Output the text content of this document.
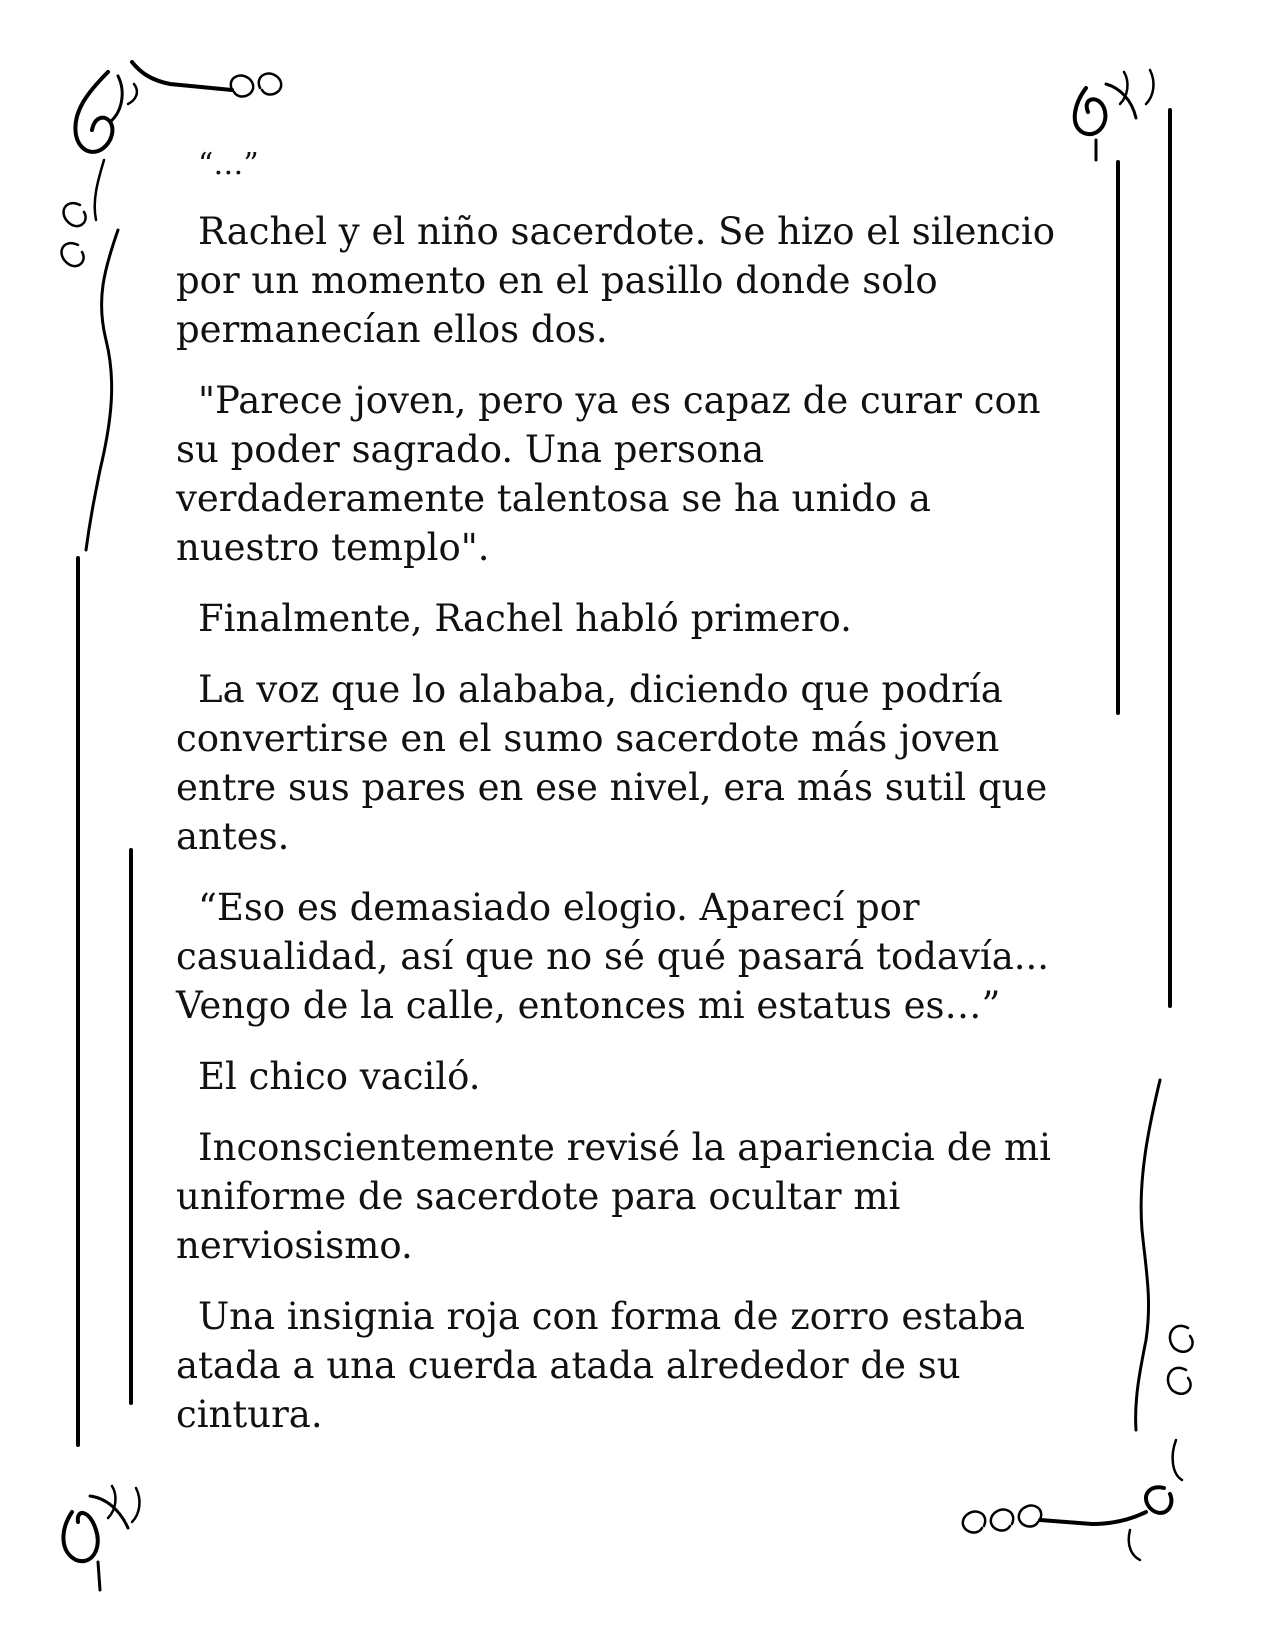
“…”

Rachel y el niño sacerdote. Se hizo el silencio
por un momento en el pasillo donde solo
permanecían ellos dos.

"Parece joven, pero ya es capaz de curar con
su poder sagrado. Una persona
verdaderamente talentosa se ha unido a
nuestro templo".

Finalmente, Rachel habló primero.

La voz que lo alababa, diciendo que podría
convertirse en el sumo sacerdote más joven
entre sus pares en ese nivel, era más sutil que
antes.

“Eso es demasiado elogio. Aparecí por
casualidad, así que no sé qué pasará todavía...
Vengo de la calle, entonces mi estatus es…”

El chico vaciló.

Inconscientemente revisé la apariencia de mi
uniforme de sacerdote para ocultar mi
nerviosismo.

Una insignia roja con forma de zorro estaba
atada a una cuerda atada alrededor de su
cintura.
